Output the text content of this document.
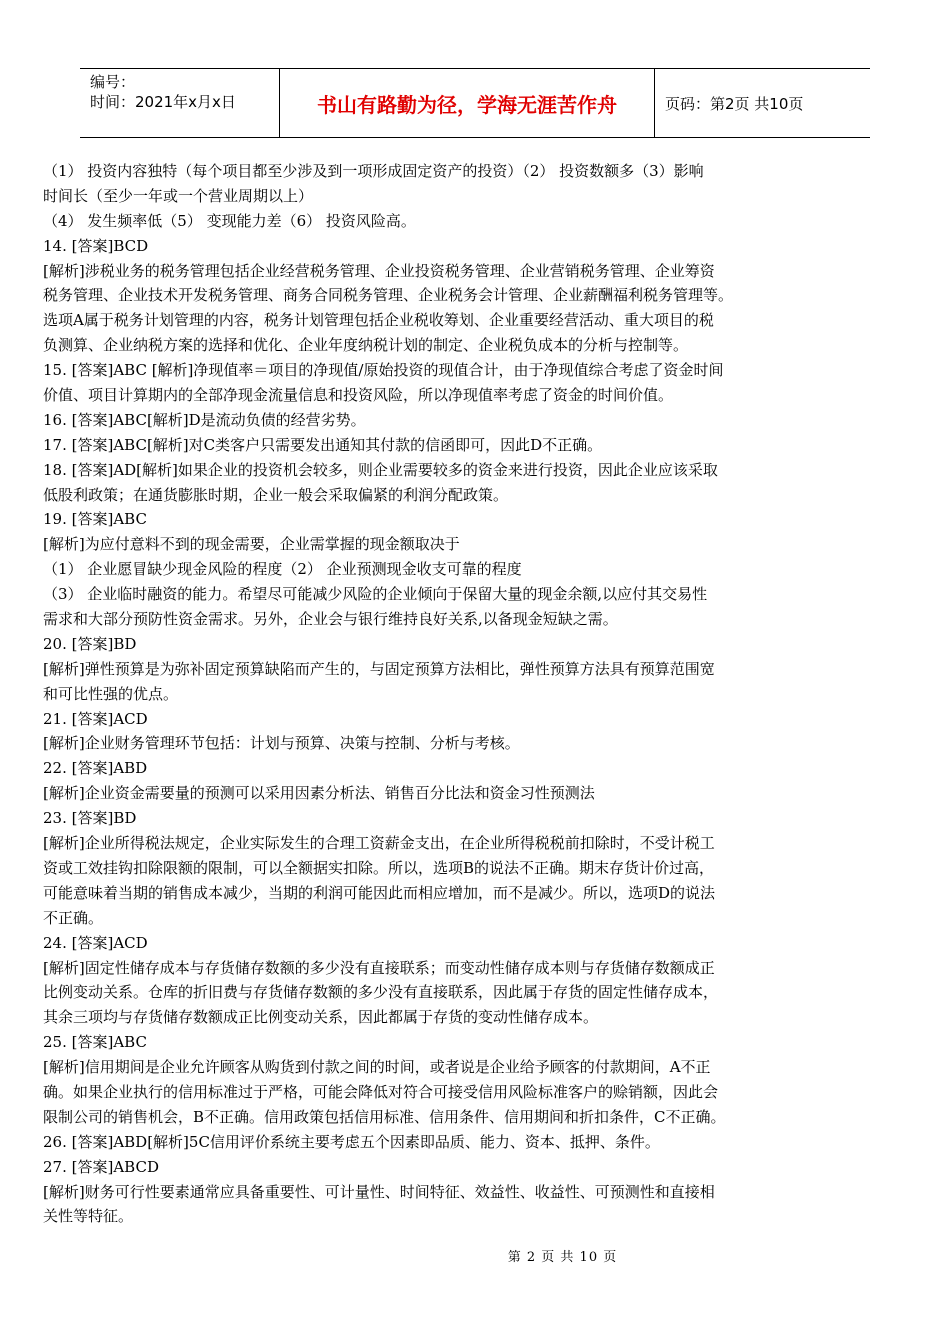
编号：
时间：2021年x月x日	书山有路勤为径，学海无涯苦作舟	页码：第2页 共10页
（1） 投资内容独特（每个项目都至少涉及到一项形成固定资产的投资）（2） 投资数额多（3）影响
时间长（至少一年或一个营业周期以上）
（4） 发生频率低（5） 变现能力差（6） 投资风险高。
14. [答案]BCD
[解析]涉税业务的税务管理包括企业经营税务管理、企业投资税务管理、企业营销税务管理、企业筹资
税务管理、企业技术开发税务管理、商务合同税务管理、企业税务会计管理、企业薪酬福利税务管理等。
选项A属于税务计划管理的内容，税务计划管理包括企业税收筹划、企业重要经营活动、重大项目的税
负测算、企业纳税方案的选择和优化、企业年度纳税计划的制定、企业税负成本的分析与控制等。
15. [答案]ABC [解析]净现值率＝项目的净现值/原始投资的现值合计，由于净现值综合考虑了资金时间
价值、项目计算期内的全部净现金流量信息和投资风险，所以净现值率考虑了资金的时间价值。
16. [答案]ABC[解析]D是流动负债的经营劣势。
17. [答案]ABC[解析]对C类客户只需要发出通知其付款的信函即可，因此D不正确。
18. [答案]AD[解析]如果企业的投资机会较多，则企业需要较多的资金来进行投资，因此企业应该采取
低股利政策；在通货膨胀时期，企业一般会采取偏紧的利润分配政策。
19. [答案]ABC
[解析]为应付意料不到的现金需要，企业需掌握的现金额取决于
（1） 企业愿冒缺少现金风险的程度（2） 企业预测现金收支可靠的程度
（3） 企业临时融资的能力。希望尽可能减少风险的企业倾向于保留大量的现金余额,以应付其交易性
需求和大部分预防性资金需求。另外，企业会与银行维持良好关系,以备现金短缺之需。
20. [答案]BD
[解析]弹性预算是为弥补固定预算缺陷而产生的，与固定预算方法相比，弹性预算方法具有预算范围宽
和可比性强的优点。
21. [答案]ACD
[解析]企业财务管理环节包括：计划与预算、决策与控制、分析与考核。
22. [答案]ABD
[解析]企业资金需要量的预测可以采用因素分析法、销售百分比法和资金习性预测法
23. [答案]BD
[解析]企业所得税法规定，企业实际发生的合理工资薪金支出，在企业所得税税前扣除时，不受计税工
资或工效挂钩扣除限额的限制，可以全额据实扣除。所以，选项B的说法不正确。期末存货计价过高，
可能意味着当期的销售成本减少，当期的利润可能因此而相应增加，而不是减少。所以，选项D的说法
不正确。
24. [答案]ACD
[解析]固定性储存成本与存货储存数额的多少没有直接联系；而变动性储存成本则与存货储存数额成正
比例变动关系。仓库的折旧费与存货储存数额的多少没有直接联系，因此属于存货的固定性储存成本，
其余三项均与存货储存数额成正比例变动关系，因此都属于存货的变动性储存成本。
25. [答案]ABC
[解析]信用期间是企业允许顾客从购货到付款之间的时间，或者说是企业给予顾客的付款期间，A不正
确。如果企业执行的信用标准过于严格，可能会降低对符合可接受信用风险标准客户的赊销额，因此会
限制公司的销售机会，B不正确。信用政策包括信用标准、信用条件、信用期间和折扣条件，C不正确。
26. [答案]ABD[解析]5C信用评价系统主要考虑五个因素即品质、能力、资本、抵押、条件。
27. [答案]ABCD
[解析]财务可行性要素通常应具备重要性、可计量性、时间特征、效益性、收益性、可预测性和直接相
关性等特征。
第 2 页 共 10 页
